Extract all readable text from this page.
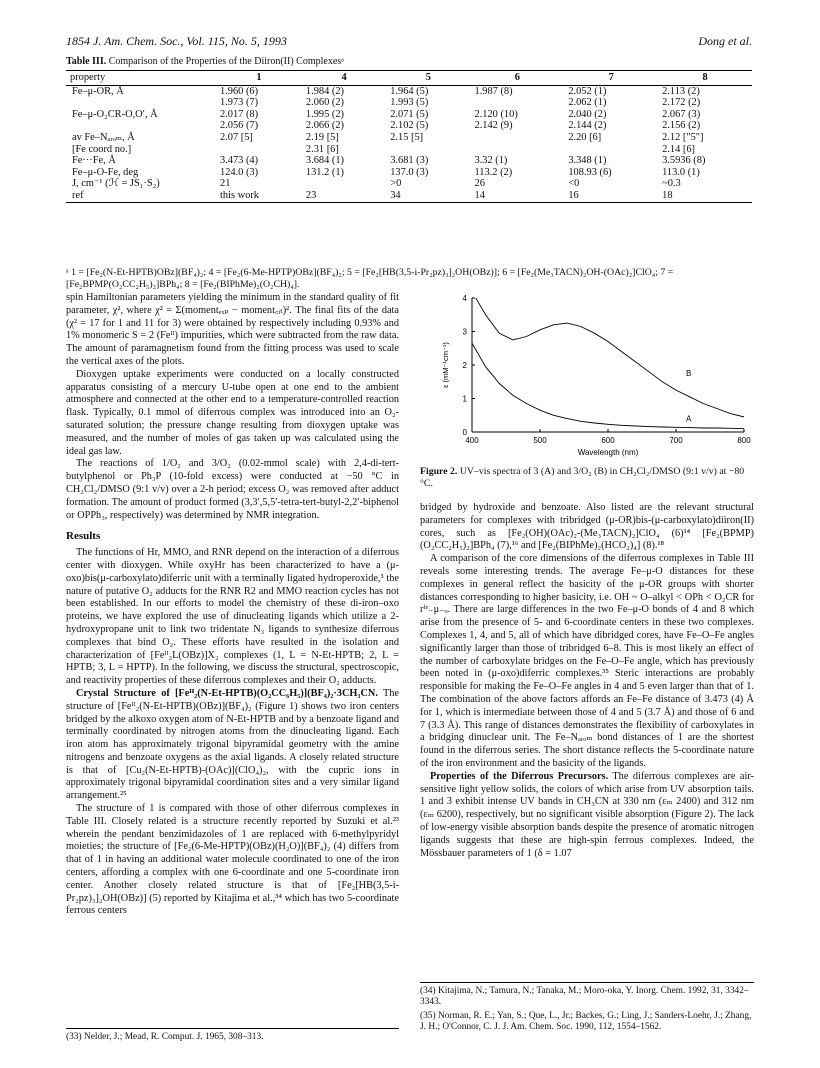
1854 J. Am. Chem. Soc., Vol. 115, No. 5, 1993	Dong et al.
Table III. Comparison of the Properties of the Diiron(II) Complexesᵃ
property	1	4	5	6	7	8
Fe–μ-OR, Å	1.960 (6)	1.984 (2)	1.964 (5)	1.987 (8)	2.052 (1)	2.113 (2)
	1.973 (7)	2.060 (2)	1.993 (5)		2.062 (1)	2.172 (2)
Fe–μ-O₂CR-O,O′, Å	2.017 (8)	1.995 (2)	2.071 (5)	2.120 (10)	2.040 (2)	2.067 (3)
	2.056 (7)	2.066 (2)	2.102 (5)	2.142 (9)	2.144 (2)	2.156 (2)
av Fe–Nₐᵣₒₘ, Å	2.07 [5]	2.19 [5]	2.15 [5]		2.20 [6]	2.12 ["5"]
[Fe coord no.]		2.31 [6]				2.14 [6]
Fe···Fe, Å	3.473 (4)	3.684 (1)	3.681 (3)	3.32 (1)	3.348 (1)	3.5936 (8)
Fe–μ-O-Fe, deg	124.0 (3)	131.2 (1)	137.0 (3)	113.2 (2)	108.93 (6)	113.0 (1)
J, cm⁻¹ (ℋ = JS₁·S₂)	21		>0	26	<0	~0.3
ref	this work	23	34	14	16	18
ᵃ 1 = [Fe₂(N-Et-HPTB)OBz](BF₄)₂; 4 = [Fe₂(6-Me-HPTP)OBz](BF₄)₂; 5 = [Fe₂[HB(3,5-i-Pr₂pz)₃]₂OH(OBz)]; 6 = [Fe₂(Me₃TACN)₂OH-(OAc)₂]ClO₄; 7 = [Fe₂BPMP(O₂CC₂H₅)₂]BPh₄; 8 = [Fe₂(BIPhMe)₂(O₂CH)₄].

spin Hamiltonian parameters yielding the minimum in the standard quality of fit parameter, χ², where χ² = Σ(momentₑₓₚ − moment꜀ᵢₜ)². The final fits of the data (χ² = 17 for 1 and 11 for 3) were obtained by respectively including 0.93% and 1% monomeric S = 2 (Feᴵᴵ) impurities, which were subtracted from the raw data. The amount of paramagnetism found from the fitting process was used to scale the vertical axes of the plots.

Dioxygen uptake experiments were conducted on a locally constructed apparatus consisting of a mercury U-tube open at one end to the ambient atmosphere and connected at the other end to a temperature-controlled reaction flask. Typically, 0.1 mmol of diferrous complex was introduced into an O₂-saturated solution; the pressure change resulting from dioxygen uptake was measured, and the number of moles of gas taken up was calculated using the ideal gas law.

The reactions of 1/O₂ and 3/O₂ (0.02-mmol scale) with 2,4-di-tert-butylphenol or Ph₃P (10-fold excess) were conducted at −50 °C in CH₂Cl₂/DMSO (9:1 v/v) over a 2-h period; excess O₂ was removed after adduct formation. The amount of product formed (3,3′,5,5′-tetra-tert-butyl-2,2′-biphenol or OPPh₃, respectively) was determined by NMR integration.

Results

The functions of Hr, MMO, and RNR depend on the interaction of a diferrous center with dioxygen. While oxyHr has been characterized to have a (μ-oxo)bis(μ-carboxylato)diferric unit with a terminally ligated hydroperoxide,³ the nature of putative O₂ adducts for the RNR R2 and MMO reaction cycles has not been established. In our efforts to model the chemistry of these di-iron–oxo proteins, we have explored the use of dinucleating ligands which utilize a 2-hydroxypropane unit to link two tridentate N₃ ligands to synthesize diferrous complexes that bind O₂. These efforts have resulted in the isolation and characterization of [Feᴵᴵ₂L(OBz)]X₂ complexes (1, L = N-Et-HPTB; 2, L = HPTB; 3, L = HPTP). In the following, we discuss the structural, spectroscopic, and reactivity properties of these diferrous complexes and their O₂ adducts.

Crystal Structure of [Feᴵᴵ₂(N-Et-HPTB)(O₂CC₆H₅)](BF₄)₂·3CH₃CN. The structure of [Feᴵᴵ₂(N-Et-HPTB)(OBz)](BF₄)₂ (Figure 1) shows two iron centers bridged by the alkoxo oxygen atom of N-Et-HPTB and by a benzoate ligand and terminally coordinated by nitrogen atoms from the dinucleating ligand. Each iron atom has approximately trigonal bipyramidal geometry with the amine nitrogens and benzoate oxygens as the axial ligands. A closely related structure is that of [Cu₂(N-Et-HPTB)-(OAc)](ClO₄)₂, with the cupric ions in approximately trigonal bipyramidal coordination sites and a very similar ligand arrangement.²⁵

The structure of 1 is compared with those of other diferrous complexes in Table III. Closely related is a structure recently reported by Suzuki et al.²³ wherein the pendant benzimidazoles of 1 are replaced with 6-methylpyridyl moieties; the structure of [Fe₂(6-Me-HPTP)(OBz)(H₂O)](BF₄)₂ (4) differs from that of 1 in having an additional water molecule coordinated to one of the iron centers, affording a complex with one 6-coordinate and one 5-coordinate iron center. Another closely related structure is that of [Fe₂[HB(3,5-i-Pr₂pz)₃]₂OH(OBz)] (5) reported by Kitajima et al.,³⁴ which has two 5-coordinate ferrous centers

400	500	600	700	800
0
1
2
3
4
Wavelength (nm)
ε (mM⁻¹cm⁻¹)
A
B
Figure 2. UV–vis spectra of 3 (A) and 3/O₂ (B) in CH₂Cl₂/DMSO (9:1 v/v) at −80 °C.

bridged by hydroxide and benzoate. Also listed are the relevant structural parameters for complexes with tribridged (μ-OR)bis-(μ-carboxylato)diiron(II) cores, such as [Fe₂(OH)(OAc)₂-(Me₃TACN)₂]ClO₄ (6)¹⁴ [Fe₂(BPMP)(O₂CC₂H₅)₂]BPh₄ (7),¹⁶ and [Fe₂(BIPhMe)₂(HCO₂)₄] (8).¹⁸

A comparison of the core dimensions of the diferrous complexes in Table III reveals some interesting trends. The average Fe–μ-O distances for these complexes in general reflect the basicity of the μ-OR groups with shorter distances corresponding to higher basicity, i.e. OH ~ O–alkyl < OPh < O₂CR for rᶠᵉ₋μ₋ₒ. There are large differences in the two Fe–μ-O bonds of 4 and 8 which arise from the presence of 5- and 6-coordinate centers in these two complexes. Complexes 1, 4, and 5, all of which have dibridged cores, have Fe–O–Fe angles significantly larger than those of tribridged 6–8. This is most likely an effect of the number of carboxylate bridges on the Fe–O–Fe angle, which has previously been noted in (μ-oxo)diferric complexes.³⁵ Steric interactions are probably responsible for making the Fe–O–Fe angles in 4 and 5 even larger than that of 1. The combination of the above factors affords an Fe–Fe distance of 3.473 (4) Å for 1, which is intermediate between those of 4 and 5 (3.7 Å) and those of 6 and 7 (3.3 Å). This range of distances demonstrates the flexibility of carboxylates in a bridging dinuclear unit. The Fe–Nₐᵣₒₘ bond distances of 1 are the shortest found in the diferrous series. The short distance reflects the 5-coordinate nature of the iron environment and the basicity of the ligands.

Properties of the Diferrous Precursors. The diferrous complexes are air-sensitive light yellow solids, the colors of which arise from UV absorption tails. 1 and 3 exhibit intense UV bands in CH₃CN at 330 nm (εₘ 2400) and 312 nm (εₘ 6200), respectively, but no significant visible absorption (Figure 2). The lack of low-energy visible absorption bands despite the presence of aromatic nitrogen ligands suggests that these are high-spin ferrous complexes. Indeed, the Mössbauer parameters of 1 (δ = 1.07

(33) Nelder, J.; Mead, R. Comput. J. 1965, 308–313.
(34) Kitajima, N.; Tamura, N.; Tanaka, M.; Moro-oka, Y. Inorg. Chem. 1992, 31, 3342–3343.
(35) Norman, R. E.; Yan, S.; Que, L., Jr.; Backes, G.; Ling, J.; Sanders-Loehr, J.; Zhang, J. H.; O'Connor, C. J. J. Am. Chem. Soc. 1990, 112, 1554–1562.
